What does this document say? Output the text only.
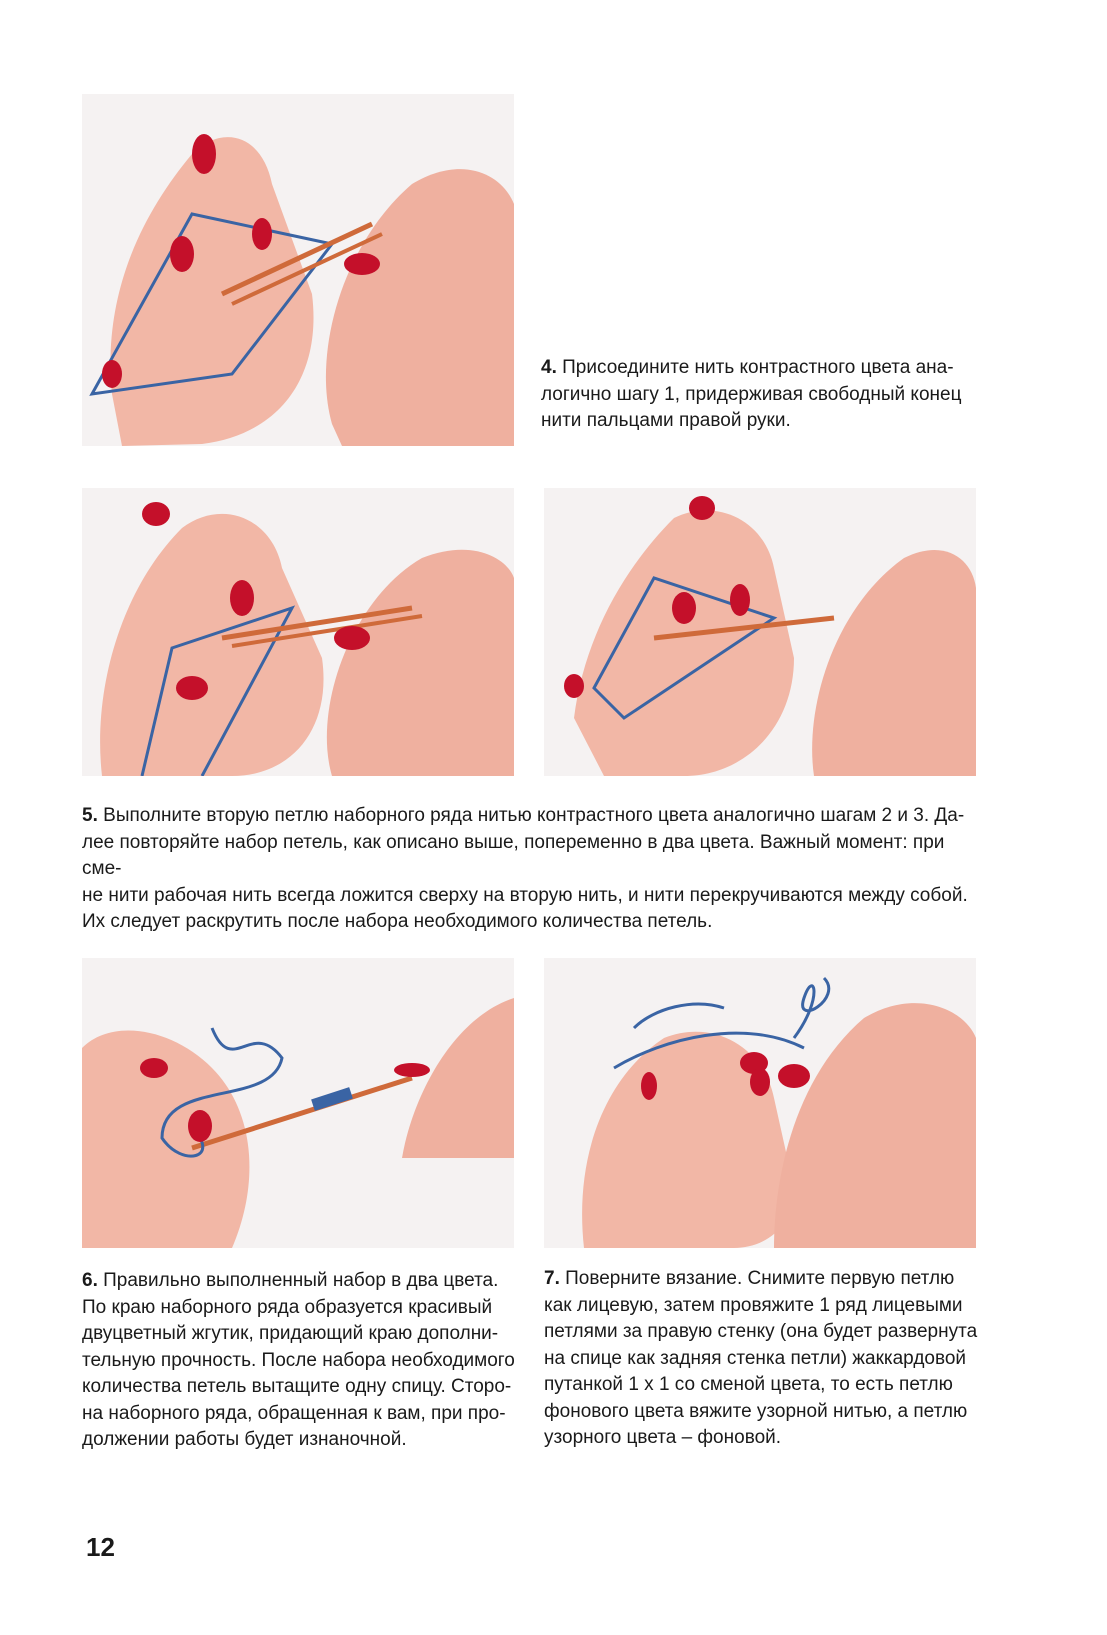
4. Присоедините нить контрастного цвета ана-

логично шагу 1, придерживая свободный конец

нити пальцами правой руки.

5. Выполните вторую петлю наборного ряда нитью контрастного цвета аналогично шагам 2 и 3. Да-

лее повторяйте набор петель, как описано выше, попеременно в два цвета. Важный момент: при сме-

не нити рабочая нить всегда ложится сверху на вторую нить, и нити перекручиваются между собой.

Их следует раскрутить после набора необходимого количества петель.

6. Правильно выполненный набор в два цвета.

По краю наборного ряда образуется красивый

двуцветный жгутик, придающий краю дополни-

тельную прочность. После набора необходимого

количества петель вытащите одну спицу. Сторо-

на наборного ряда, обращенная к вам, при про-

должении работы будет изнаночной.

7. Поверните вязание. Снимите первую петлю

как лицевую, затем провяжите 1 ряд лицевыми

петлями за правую стенку (она будет развернута

на спице как задняя стенка петли) жаккардовой

путанкой 1 x 1 со сменой цвета, то есть петлю

фонового цвета вяжите узорной нитью, а петлю

узорного цвета – фоновой.

12
